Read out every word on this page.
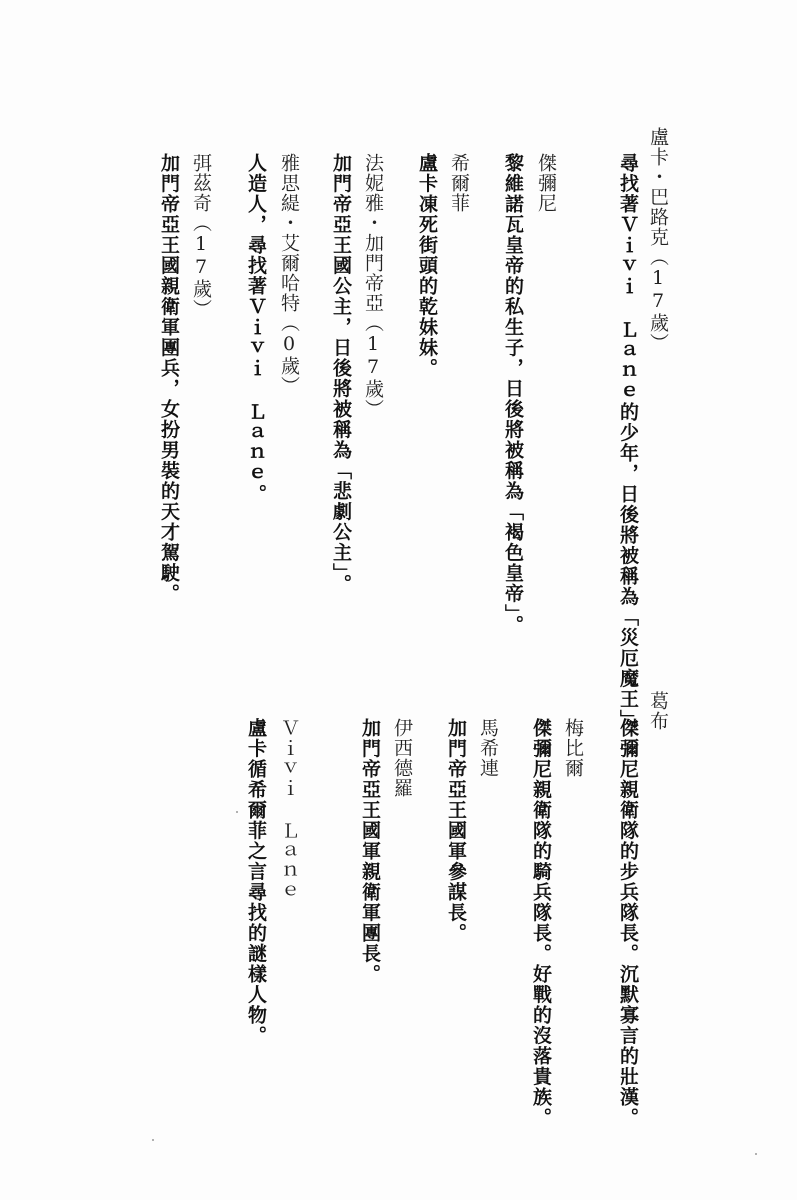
盧卡・巴路克（17歲）
尋找著Ｖｉｖｉ Ｌａｎｅ的少年，日後將被稱為「災厄魔王」。
傑彌尼
黎維諾瓦皇帝的私生子，日後將被稱為「褐色皇帝」。
希爾菲
盧卡凍死街頭的乾妹妹。
法妮雅・加門帝亞（17歲）
加門帝亞王國公主，日後將被稱為「悲劇公主」。
雅思緹・艾爾哈特（0歲）
人造人，尋找著Ｖｉｖｉ Ｌａｎｅ。
弭茲奇（17歲）
加門帝亞王國親衛軍團兵，女扮男裝的天才駕駛。
葛布
傑彌尼親衛隊的步兵隊長。沉默寡言的壯漢。
梅比爾
傑彌尼親衛隊的騎兵隊長。好戰的沒落貴族。
馬希連
加門帝亞王國軍參謀長。
伊西德羅
加門帝亞王國軍親衛軍團長。
Ｖｉｖｉ Ｌａｎｅ
盧卡循希爾菲之言尋找的謎樣人物。
